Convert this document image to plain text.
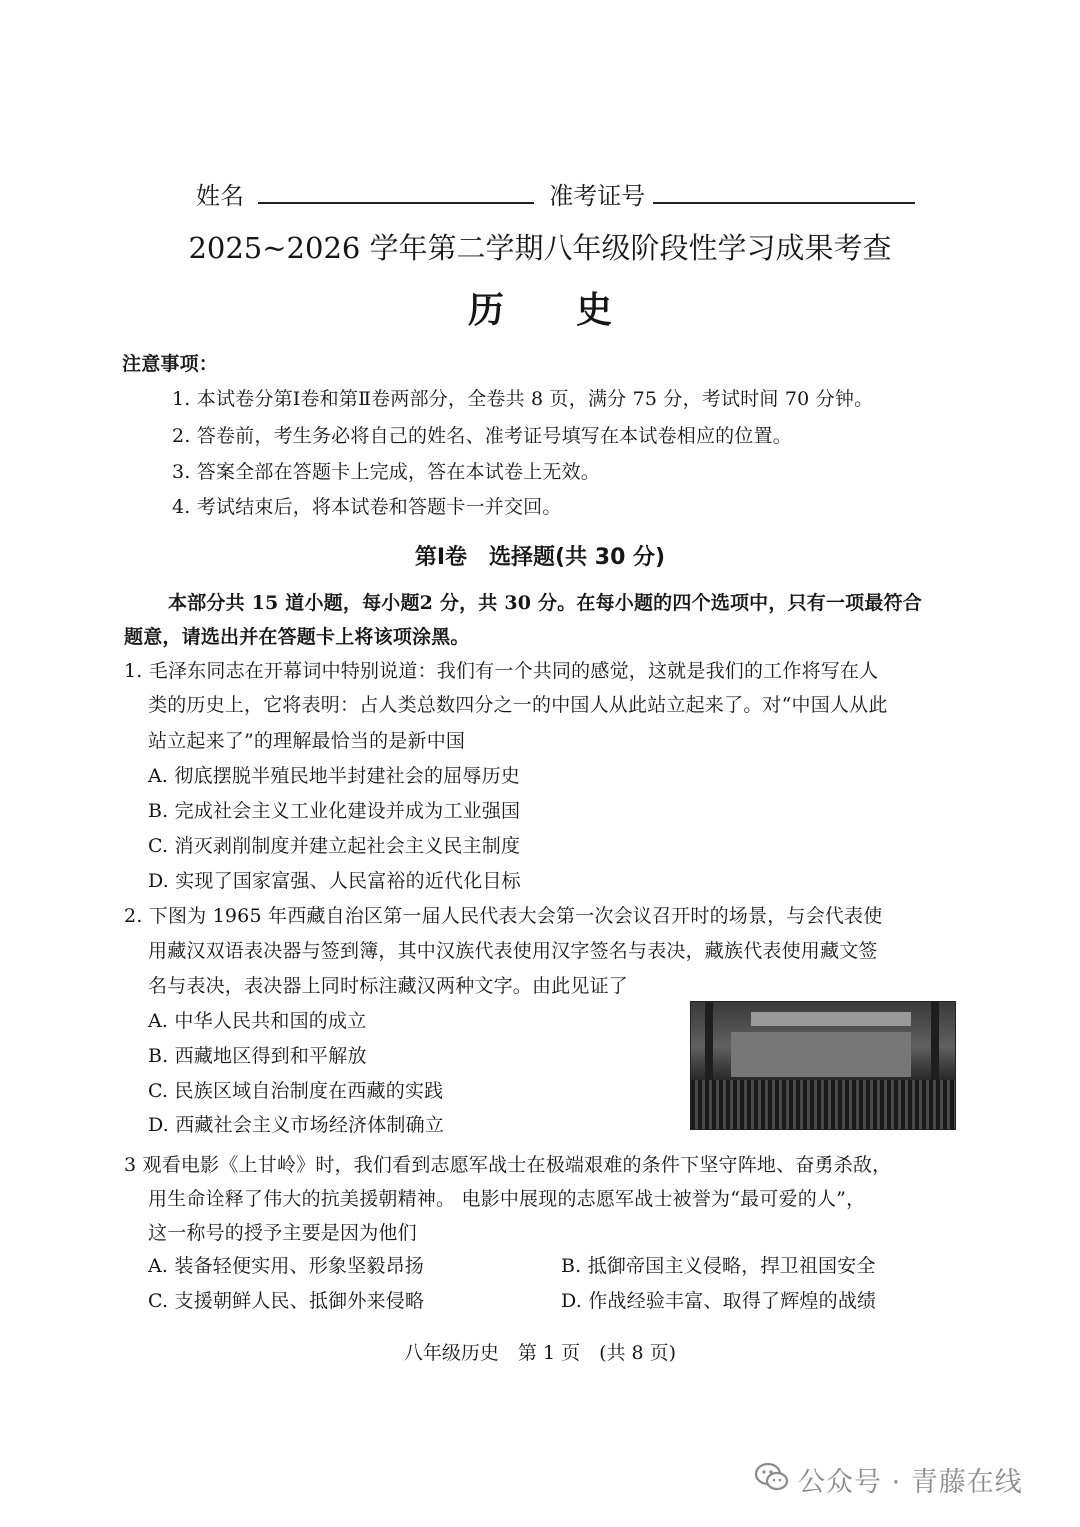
姓名	准考证号
2025~2026 学年第二学期八年级阶段性学习成果考查
历　　史
注意事项：
1. 本试卷分第Ⅰ卷和第Ⅱ卷两部分，全卷共 8 页，满分 75 分，考试时间 70 分钟。
2. 答卷前，考生务必将自己的姓名、准考证号填写在本试卷相应的位置。
3. 答案全部在答题卡上完成，答在本试卷上无效。
4. 考试结束后，将本试卷和答题卡一并交回。
第Ⅰ卷　选择题(共 30 分)
本部分共 15 道小题，每小题2 分，共 30 分。在每小题的四个选项中，只有一项最符合
题意，请选出并在答题卡上将该项涂黑。
1. 毛泽东同志在开幕词中特别说道：我们有一个共同的感觉，这就是我们的工作将写在人
类的历史上，它将表明：占人类总数四分之一的中国人从此站立起来了。对“中国人从此
站立起来了”的理解最恰当的是新中国
A. 彻底摆脱半殖民地半封建社会的屈辱历史
B. 完成社会主义工业化建设并成为工业强国
C. 消灭剥削制度并建立起社会主义民主制度
D. 实现了国家富强、人民富裕的近代化目标
2. 下图为 1965 年西藏自治区第一届人民代表大会第一次会议召开时的场景，与会代表使
用藏汉双语表决器与签到簿，其中汉族代表使用汉字签名与表决，藏族代表使用藏文签
名与表决，表决器上同时标注藏汉两种文字。由此见证了
A. 中华人民共和国的成立
B. 西藏地区得到和平解放
C. 民族区域自治制度在西藏的实践
D. 西藏社会主义市场经济体制确立
3 观看电影《上甘岭》时，我们看到志愿军战士在极端艰难的条件下坚守阵地、奋勇杀敌，
用生命诠释了伟大的抗美援朝精神。 电影中展现的志愿军战士被誉为“最可爱的人”，
这一称号的授予主要是因为他们
A. 装备轻便实用、形象坚毅昂扬	B. 抵御帝国主义侵略，捍卫祖国安全
C. 支援朝鲜人民、抵御外来侵略	D. 作战经验丰富、取得了辉煌的战绩
八年级历史　第 1 页　(共 8 页)
公众号 · 青藤在线
